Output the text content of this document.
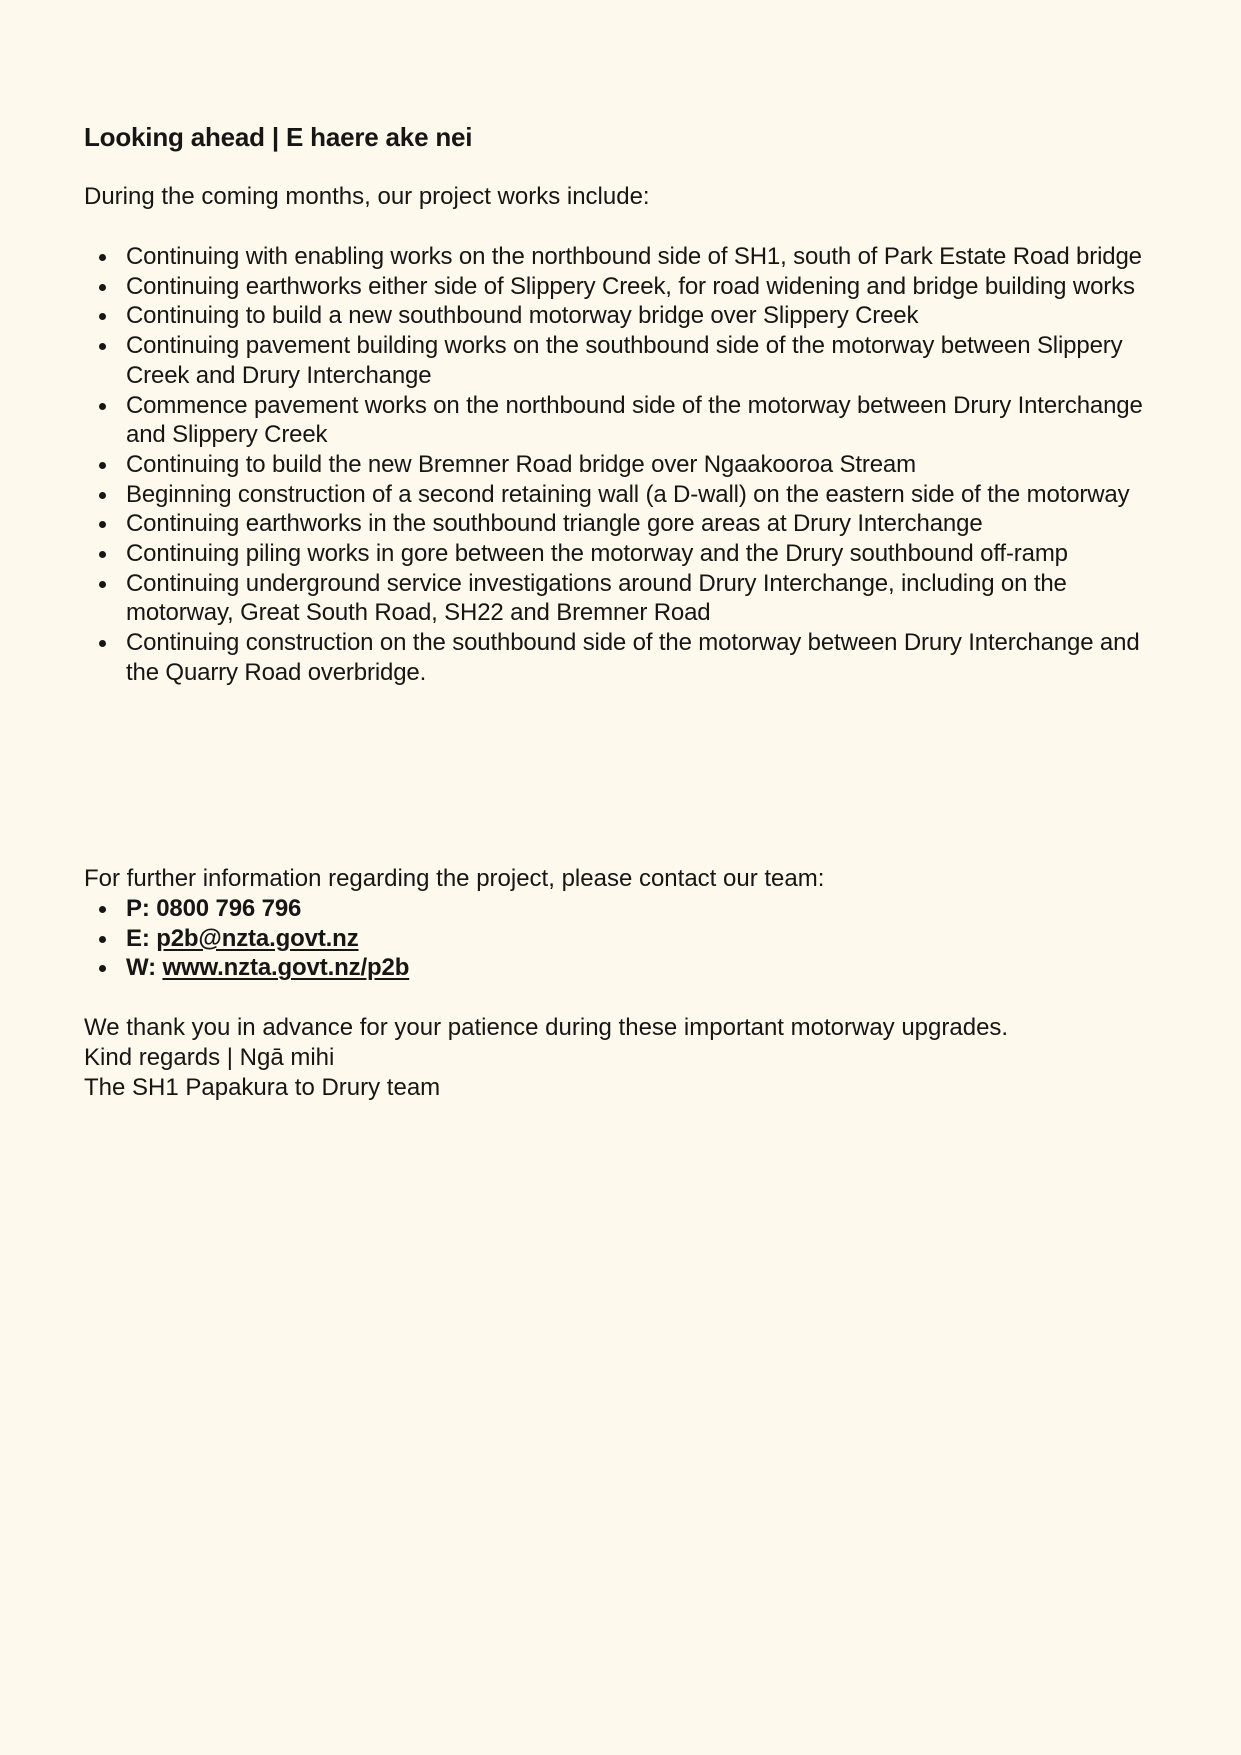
Looking ahead | E haere ake nei

During the coming months, our project works include:

Continuing with enabling works on the northbound side of SH1, south of Park Estate Road bridge
Continuing earthworks either side of Slippery Creek, for road widening and bridge building works
Continuing to build a new southbound motorway bridge over Slippery Creek
Continuing pavement building works on the southbound side of the motorway between Slippery Creek and Drury Interchange
Commence pavement works on the northbound side of the motorway between Drury Interchange and Slippery Creek
Continuing to build the new Bremner Road bridge over Ngaakooroa Stream
Beginning construction of a second retaining wall (a D-wall) on the eastern side of the motorway
Continuing earthworks in the southbound triangle gore areas at Drury Interchange
Continuing piling works in gore between the motorway and the Drury southbound off-ramp
Continuing underground service investigations around Drury Interchange, including on the motorway, Great South Road, SH22 and Bremner Road
Continuing construction on the southbound side of the motorway between Drury Interchange and the Quarry Road overbridge.

For further information regarding the project, please contact our team:

P: 0800 796 796
E: p2b@nzta.govt.nz
W: www.nzta.govt.nz/p2b
We thank you in advance for your patience during these important motorway upgrades.
Kind regards | Ngā mihi
The SH1 Papakura to Drury team
